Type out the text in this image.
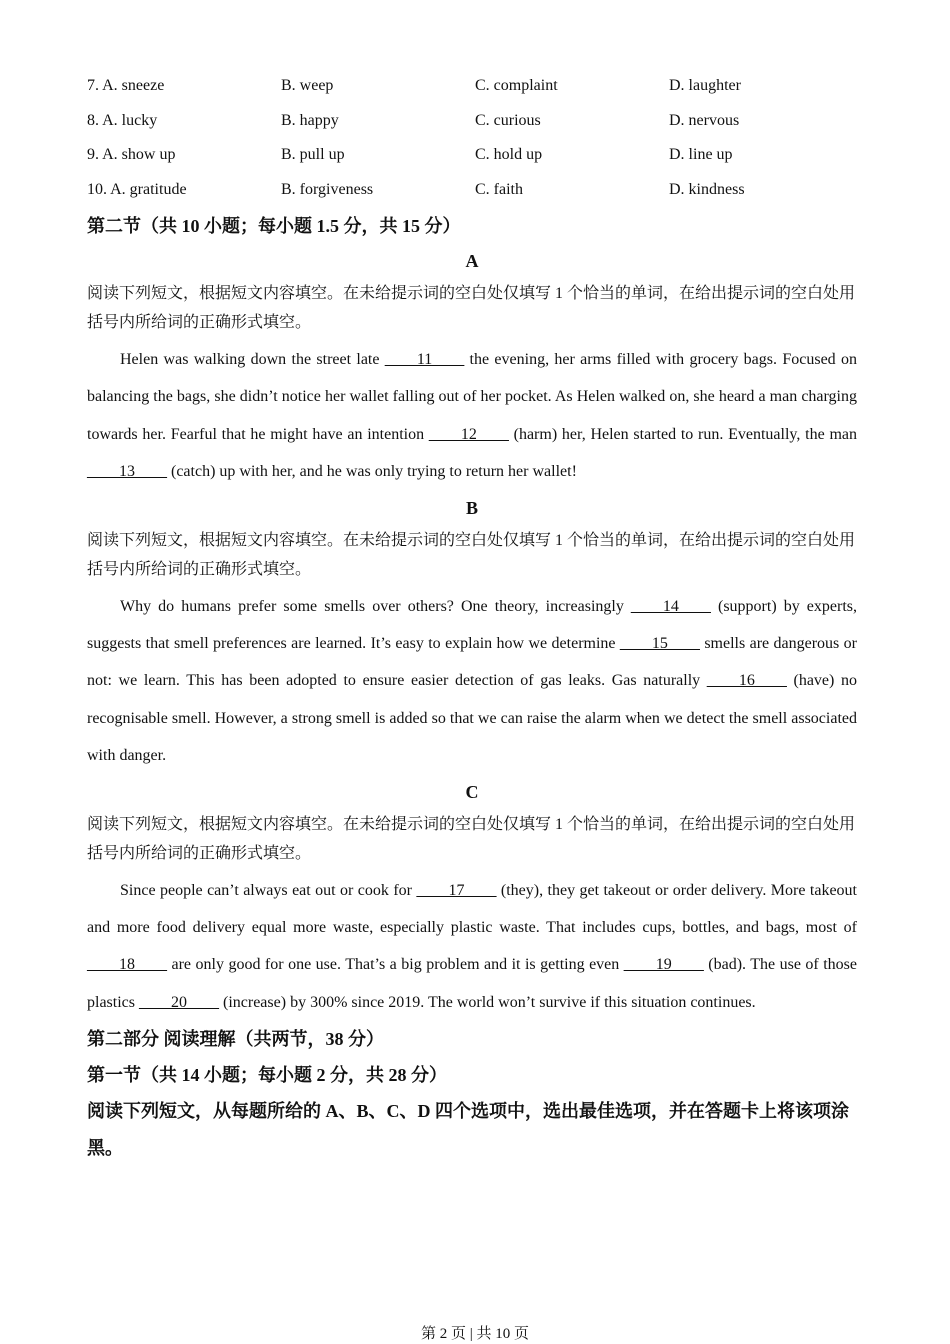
7. A. sneeze	B. weep	C. complaint	D. laughter
8. A. lucky	B. happy	C. curious	D. nervous
9. A. show up	B. pull up	C. hold up	D. line up
10. A. gratitude	B. forgiveness	C. faith	D. kindness
第二节（共 10 小题；每小题 1.5 分，共 15 分）
A
阅读下列短文，根据短文内容填空。在未给提示词的空白处仅填写 1 个恰当的单词，在给出提示词的空白处用括号内所给词的正确形式填空。
Helen was walking down the street late ____11____ the evening, her arms filled with grocery bags. Focused on balancing the bags, she didn’t notice her wallet falling out of her pocket. As Helen walked on, she heard a man charging towards her. Fearful that he might have an intention ____12____ (harm) her, Helen started to run. Eventually, the man ____13____ (catch) up with her, and he was only trying to return her wallet!
B
阅读下列短文，根据短文内容填空。在未给提示词的空白处仅填写 1 个恰当的单词，在给出提示词的空白处用括号内所给词的正确形式填空。
Why do humans prefer some smells over others? One theory, increasingly ____14____ (support) by experts, suggests that smell preferences are learned. It’s easy to explain how we determine ____15____ smells are dangerous or not: we learn. This has been adopted to ensure easier detection of gas leaks. Gas naturally ____16____ (have) no recognisable smell. However, a strong smell is added so that we can raise the alarm when we detect the smell associated with danger.
C
阅读下列短文，根据短文内容填空。在未给提示词的空白处仅填写 1 个恰当的单词，在给出提示词的空白处用括号内所给词的正确形式填空。
Since people can’t always eat out or cook for ____17____ (they), they get takeout or order delivery. More takeout and more food delivery equal more waste, especially plastic waste. That includes cups, bottles, and bags, most of ____18____ are only good for one use. That’s a big problem and it is getting even ____19____ (bad). The use of those plastics ____20____ (increase) by 300% since 2019. The world won’t survive if this situation continues.
第二部分 阅读理解（共两节，38 分）
第一节（共 14 小题；每小题 2 分，共 28 分）
阅读下列短文，从每题所给的 A、B、C、D 四个选项中，选出最佳选项，并在答题卡上将该项涂黑。
第 2 页 | 共 10 页
